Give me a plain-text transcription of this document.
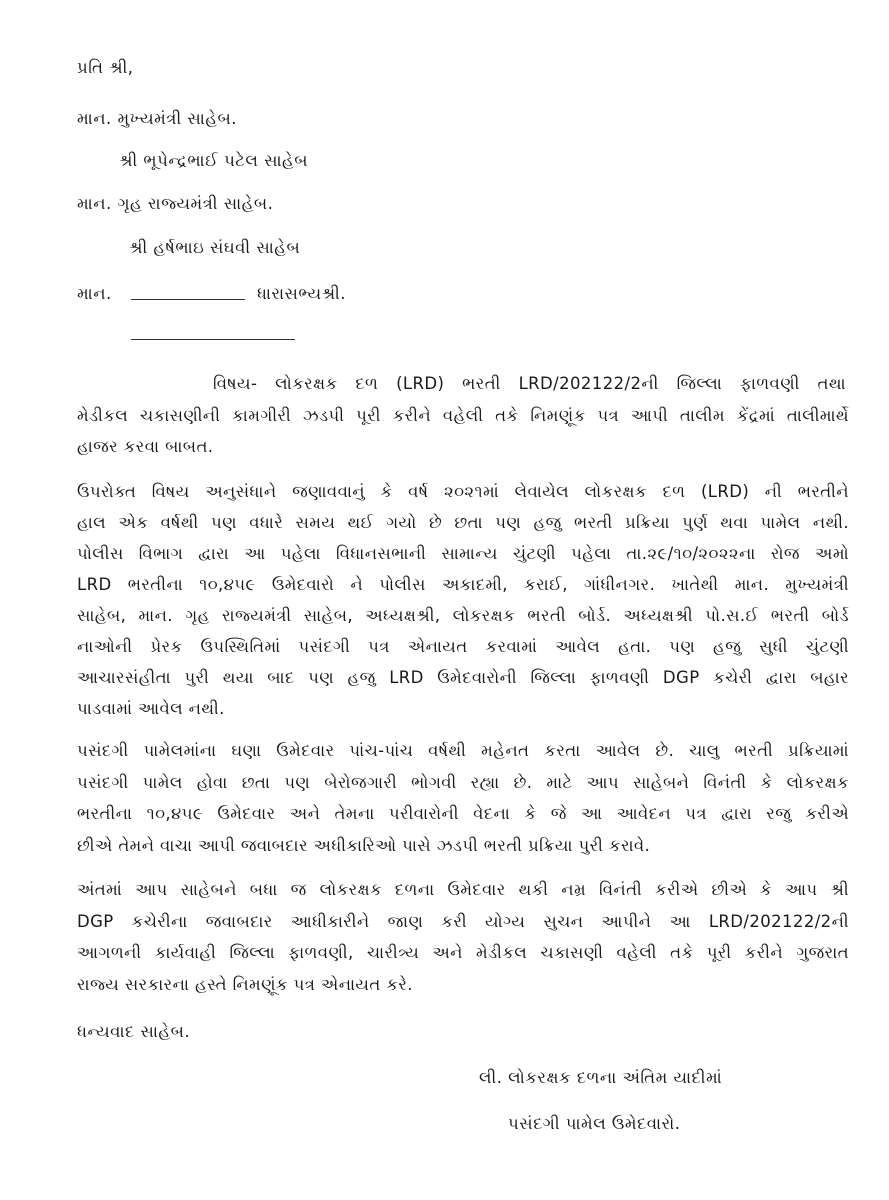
પ્રતિ શ્રી,
માન. મુખ્યમંત્રી સાહેબ.
શ્રી ભૂપેન્દ્રભાઈ પટેલ સાહેબ
માન. ગૃહ રાજ્યમંત્રી સાહેબ.
શ્રી હર્ષભાઇ સંઘવી સાહેબ
માન.	ધારાસભ્યશ્રી.
વિષય- લોકરક્ષક દળ (LRD) ભરતી LRD/202122/2ની જિલ્લા ફાળવણી તથા
મેડીકલ ચકાસણીની કામગીરી ઝડપી પૂરી કરીને વહેલી તકે નિમણૂંક પત્ર આપી તાલીમ કેંદ્રમાં તાલીમાર્થે
હાજર કરવા બાબત.
ઉપરોક્ત વિષય અનુસંધાને જણાવવાનું કે વર્ષ ૨૦૨૧માં લેવાયેલ લોકરક્ષક દળ (LRD) ની ભરતીને
હાલ એક વર્ષથી પણ વધારે સમય થઈ ગયો છે છતા પણ હજુ ભરતી પ્રક્રિયા પુર્ણ થવા પામેલ નથી.
પોલીસ વિભાગ દ્વારા આ પહેલા વિધાનસભાની સામાન્ય ચુંટણી પહેલા તા.૨૯/૧૦/૨૦૨૨ના રોજ અમો
LRD ભરતીના ૧૦,૪૫૯ ઉમેદવારો ને પોલીસ અકાદમી, કરાઈ, ગાંધીનગર. ખાતેથી માન. મુખ્યમંત્રી
સાહેબ, માન. ગૃહ રાજ્યમંત્રી સાહેબ, અધ્યક્ષશ્રી, લોકરક્ષક ભરતી બોર્ડ. અધ્યક્ષશ્રી પો.સ.ઈ ભરતી બોર્ડ
નાઓની પ્રેરક ઉપસ્થિતિમાં પસંદગી પત્ર એનાયત કરવામાં આવેલ હતા. પણ હજુ સુધી ચુંટણી
આચારસંહીતા પુરી થયા બાદ પણ હજુ LRD ઉમેદવારોની જિલ્લા ફાળવણી DGP કચેરી દ્વારા બહાર
પાડવામાં આવેલ નથી.
પસંદગી પામેલમાંના ઘણા ઉમેદવાર પાંચ-પાંચ વર્ષથી મહેનત કરતા આવેલ છે. ચાલુ ભરતી પ્રક્રિયામાં
પસંદગી પામેલ હોવા છતા પણ બેરોજગારી ભોગવી રહ્યા છે. માટે આપ સાહેબને વિનંતી કે લોકરક્ષક
ભરતીના ૧૦,૪૫૯ ઉમેદવાર અને તેમના પરીવારોની વેદના કે જે આ આવેદન પત્ર દ્વારા રજુ કરીએ
છીએ તેમને વાચા આપી જવાબદાર અધીકારિઓ પાસે ઝડપી ભરતી પ્રક્રિયા પુરી કરાવે.
અંતમાં આપ સાહેબને બધા જ લોકરક્ષક દળના ઉમેદવાર થકી નમ્ર વિનંતી કરીએ છીએ કે આપ શ્રી
DGP કચેરીના જવાબદાર આધીકારીને જાણ કરી યોગ્ય સુચન આપીને આ LRD/202122/2ની
આગળની કાર્યવાહી જિલ્લા ફાળવણી, ચારીત્ર્ય અને મેડીકલ ચકાસણી વહેલી તકે પૂરી કરીને ગુજરાત
રાજ્ય સરકારના હસ્તે નિમણૂંક પત્ર એનાયત કરે.
ધન્યવાદ સાહેબ.
લી. લોકરક્ષક દળના અંતિમ યાદીમાં
પસંદગી પામેલ ઉમેદવારો.
